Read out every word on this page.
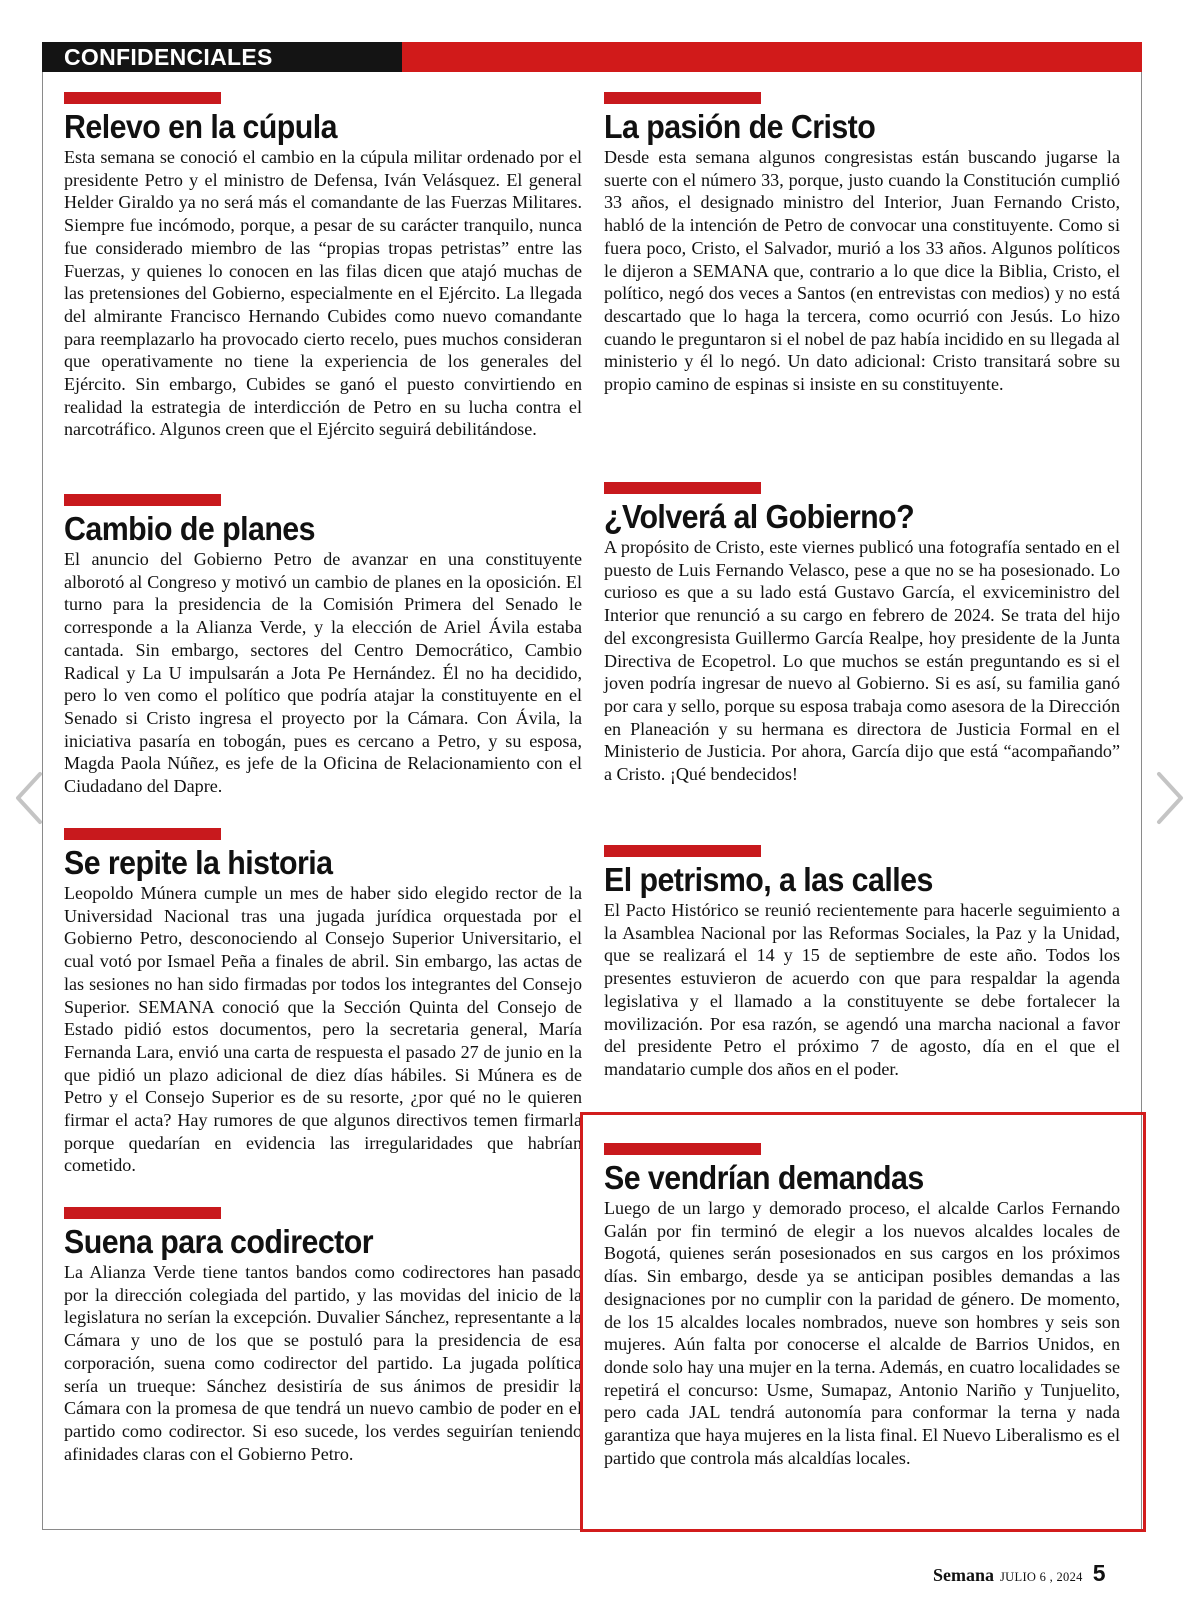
CONFIDENCIALES
Relevo en la cúpula

Esta semana se conoció el cambio en la cúpula militar ordenado por el presidente Petro y el ministro de Defensa, Iván Velásquez. El general Helder Giraldo ya no será más el comandante de las Fuerzas Militares. Siempre fue incómodo, porque, a pesar de su carácter tranquilo, nunca fue considerado miembro de las “propias tropas petristas” entre las Fuerzas, y quienes lo conocen en las filas dicen que atajó muchas de las pretensiones del Gobierno, especialmente en el Ejército. La llegada del almirante Francisco Hernando Cubides como nuevo comandante para reemplazarlo ha provocado cierto recelo, pues muchos consideran que operativamente no tiene la experiencia de los generales del Ejército. Sin embargo, Cubides se ganó el puesto convirtiendo en realidad la estrategia de interdicción de Petro en su lucha contra el narcotráfico. Algunos creen que el Ejército seguirá debilitándose.

Cambio de planes

El anuncio del Gobierno Petro de avanzar en una constituyente alborotó al Congreso y motivó un cambio de planes en la oposición. El turno para la presidencia de la Comisión Primera del Senado le corresponde a la Alianza Verde, y la elección de Ariel Ávila estaba cantada. Sin embargo, sectores del Centro Democrático, Cambio Radical y La U impulsarán a Jota Pe Hernández. Él no ha decidido, pero lo ven como el político que podría atajar la constituyente en el Senado si Cristo ingresa el proyecto por la Cámara. Con Ávila, la iniciativa pasaría en tobogán, pues es cercano a Petro, y su esposa, Magda Paola Núñez, es jefe de la Oficina de Relacionamiento con el Ciudadano del Dapre.

Se repite la historia

Leopoldo Múnera cumple un mes de haber sido elegido rector de la Universidad Nacional tras una jugada jurídica orquestada por el Gobierno Petro, desconociendo al Consejo Superior Universitario, el cual votó por Ismael Peña a finales de abril. Sin embargo, las actas de las sesiones no han sido firmadas por todos los integrantes del Consejo Superior. SEMANA conoció que la Sección Quinta del Consejo de Estado pidió estos documentos, pero la secretaria general, María Fernanda Lara, envió una carta de respuesta el pasado 27 de junio en la que pidió un plazo adicional de diez días hábiles. Si Múnera es de Petro y el Consejo Superior es de su resorte, ¿por qué no le quieren firmar el acta? Hay rumores de que algunos directivos temen firmarla porque quedarían en evidencia las irregularidades que habrían cometido.

Suena para codirector

La Alianza Verde tiene tantos bandos como codirectores han pasado por la dirección colegiada del partido, y las movidas del inicio de la legislatura no serían la excepción. Duvalier Sánchez, representante a la Cámara y uno de los que se postuló para la presidencia de esa corporación, suena como codirector del partido. La jugada política sería un trueque: Sánchez desistiría de sus ánimos de presidir la Cámara con la promesa de que tendrá un nuevo cambio de poder en el partido como codirector. Si eso sucede, los verdes seguirían teniendo afinidades claras con el Gobierno Petro.

La pasión de Cristo

Desde esta semana algunos congresistas están buscando jugarse la suerte con el número 33, porque, justo cuando la Constitución cumplió 33 años, el designado ministro del Interior, Juan Fernando Cristo, habló de la intención de Petro de convocar una constituyente. Como si fuera poco, Cristo, el Salvador, murió a los 33 años. Algunos políticos le dijeron a SEMANA que, contrario a lo que dice la Biblia, Cristo, el político, negó dos veces a Santos (en entrevistas con medios) y no está descartado que lo haga la tercera, como ocurrió con Jesús. Lo hizo cuando le preguntaron si el nobel de paz había incidido en su llegada al ministerio y él lo negó. Un dato adicional: Cristo transitará sobre su propio camino de espinas si insiste en su constituyente.

¿Volverá al Gobierno?

A propósito de Cristo, este viernes publicó una fotografía sentado en el puesto de Luis Fernando Velasco, pese a que no se ha posesionado. Lo curioso es que a su lado está Gustavo García, el exviceministro del Interior que renunció a su cargo en febrero de 2024. Se trata del hijo del excongresista Guillermo García Realpe, hoy presidente de la Junta Directiva de Ecopetrol. Lo que muchos se están preguntando es si el joven podría ingresar de nuevo al Gobierno. Si es así, su familia ganó por cara y sello, porque su esposa trabaja como asesora de la Dirección en Planeación y su hermana es directora de Justicia Formal en el Ministerio de Justicia. Por ahora, García dijo que está “acompañando” a Cristo. ¡Qué bendecidos!

El petrismo, a las calles

El Pacto Histórico se reunió recientemente para hacerle seguimiento a la Asamblea Nacional por las Reformas Sociales, la Paz y la Unidad, que se realizará el 14 y 15 de septiembre de este año. Todos los presentes estuvieron de acuerdo con que para respaldar la agenda legislativa y el llamado a la constituyente se debe fortalecer la movilización. Por esa razón, se agendó una marcha nacional a favor del presidente Petro el próximo 7 de agosto, día en el que el mandatario cumple dos años en el poder.

Se vendrían demandas

Luego de un largo y demorado proceso, el alcalde Carlos Fernando Galán por fin terminó de elegir a los nuevos alcaldes locales de Bogotá, quienes serán posesionados en sus cargos en los próximos días. Sin embargo, desde ya se anticipan posibles demandas a las designaciones por no cumplir con la paridad de género. De momento, de los 15 alcaldes locales nombrados, nueve son hombres y seis son mujeres. Aún falta por conocerse el alcalde de Barrios Unidos, en donde solo hay una mujer en la terna. Además, en cuatro localidades se repetirá el concurso: Usme, Sumapaz, Antonio Nariño y Tunjuelito, pero cada JAL tendrá autonomía para conformar la terna y nada garantiza que haya mujeres en la lista final. El Nuevo Liberalismo es el partido que controla más alcaldías locales.

Semana JULIO 6 , 2024 5
